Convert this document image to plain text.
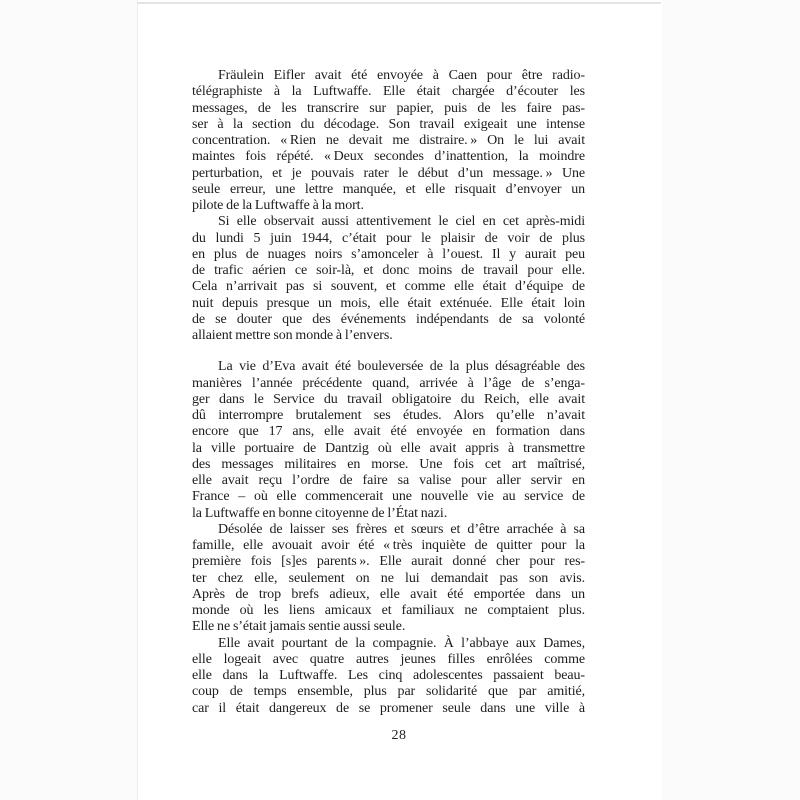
Fräulein Eifler avait été envoyée à Caen pour être radio-
télégraphiste à la Luftwaffe. Elle était chargée d’écouter les
messages, de les transcrire sur papier, puis de les faire pas-
ser à la section du décodage. Son travail exigeait une intense
concentration. « Rien ne devait me distraire. » On le lui avait
maintes fois répété. « Deux secondes d’inattention, la moindre
perturbation, et je pouvais rater le début d’un message. » Une
seule erreur, une lettre manquée, et elle risquait d’envoyer un
pilote de la Luftwaffe à la mort.
Si elle observait aussi attentivement le ciel en cet après-midi
du lundi 5 juin 1944, c’était pour le plaisir de voir de plus
en plus de nuages noirs s’amonceler à l’ouest. Il y aurait peu
de trafic aérien ce soir-là, et donc moins de travail pour elle.
Cela n’arrivait pas si souvent, et comme elle était d’équipe de
nuit depuis presque un mois, elle était exténuée. Elle était loin
de se douter que des événements indépendants de sa volonté
allaient mettre son monde à l’envers.
La vie d’Eva avait été bouleversée de la plus désagréable des
manières l’année précédente quand, arrivée à l’âge de s’enga-
ger dans le Service du travail obligatoire du Reich, elle avait
dû interrompre brutalement ses études. Alors qu’elle n’avait
encore que 17 ans, elle avait été envoyée en formation dans
la ville portuaire de Dantzig où elle avait appris à transmettre
des messages militaires en morse. Une fois cet art maîtrisé,
elle avait reçu l’ordre de faire sa valise pour aller servir en
France – où elle commencerait une nouvelle vie au service de
la Luftwaffe en bonne citoyenne de l’État nazi.
Désolée de laisser ses frères et sœurs et d’être arrachée à sa
famille, elle avouait avoir été « très inquiète de quitter pour la
première fois [s]es parents ». Elle aurait donné cher pour res-
ter chez elle, seulement on ne lui demandait pas son avis.
Après de trop brefs adieux, elle avait été emportée dans un
monde où les liens amicaux et familiaux ne comptaient plus.
Elle ne s’était jamais sentie aussi seule.
Elle avait pourtant de la compagnie. À l’abbaye aux Dames,
elle logeait avec quatre autres jeunes filles enrôlées comme
elle dans la Luftwaffe. Les cinq adolescentes passaient beau-
coup de temps ensemble, plus par solidarité que par amitié,
car il était dangereux de se promener seule dans une ville à
28
